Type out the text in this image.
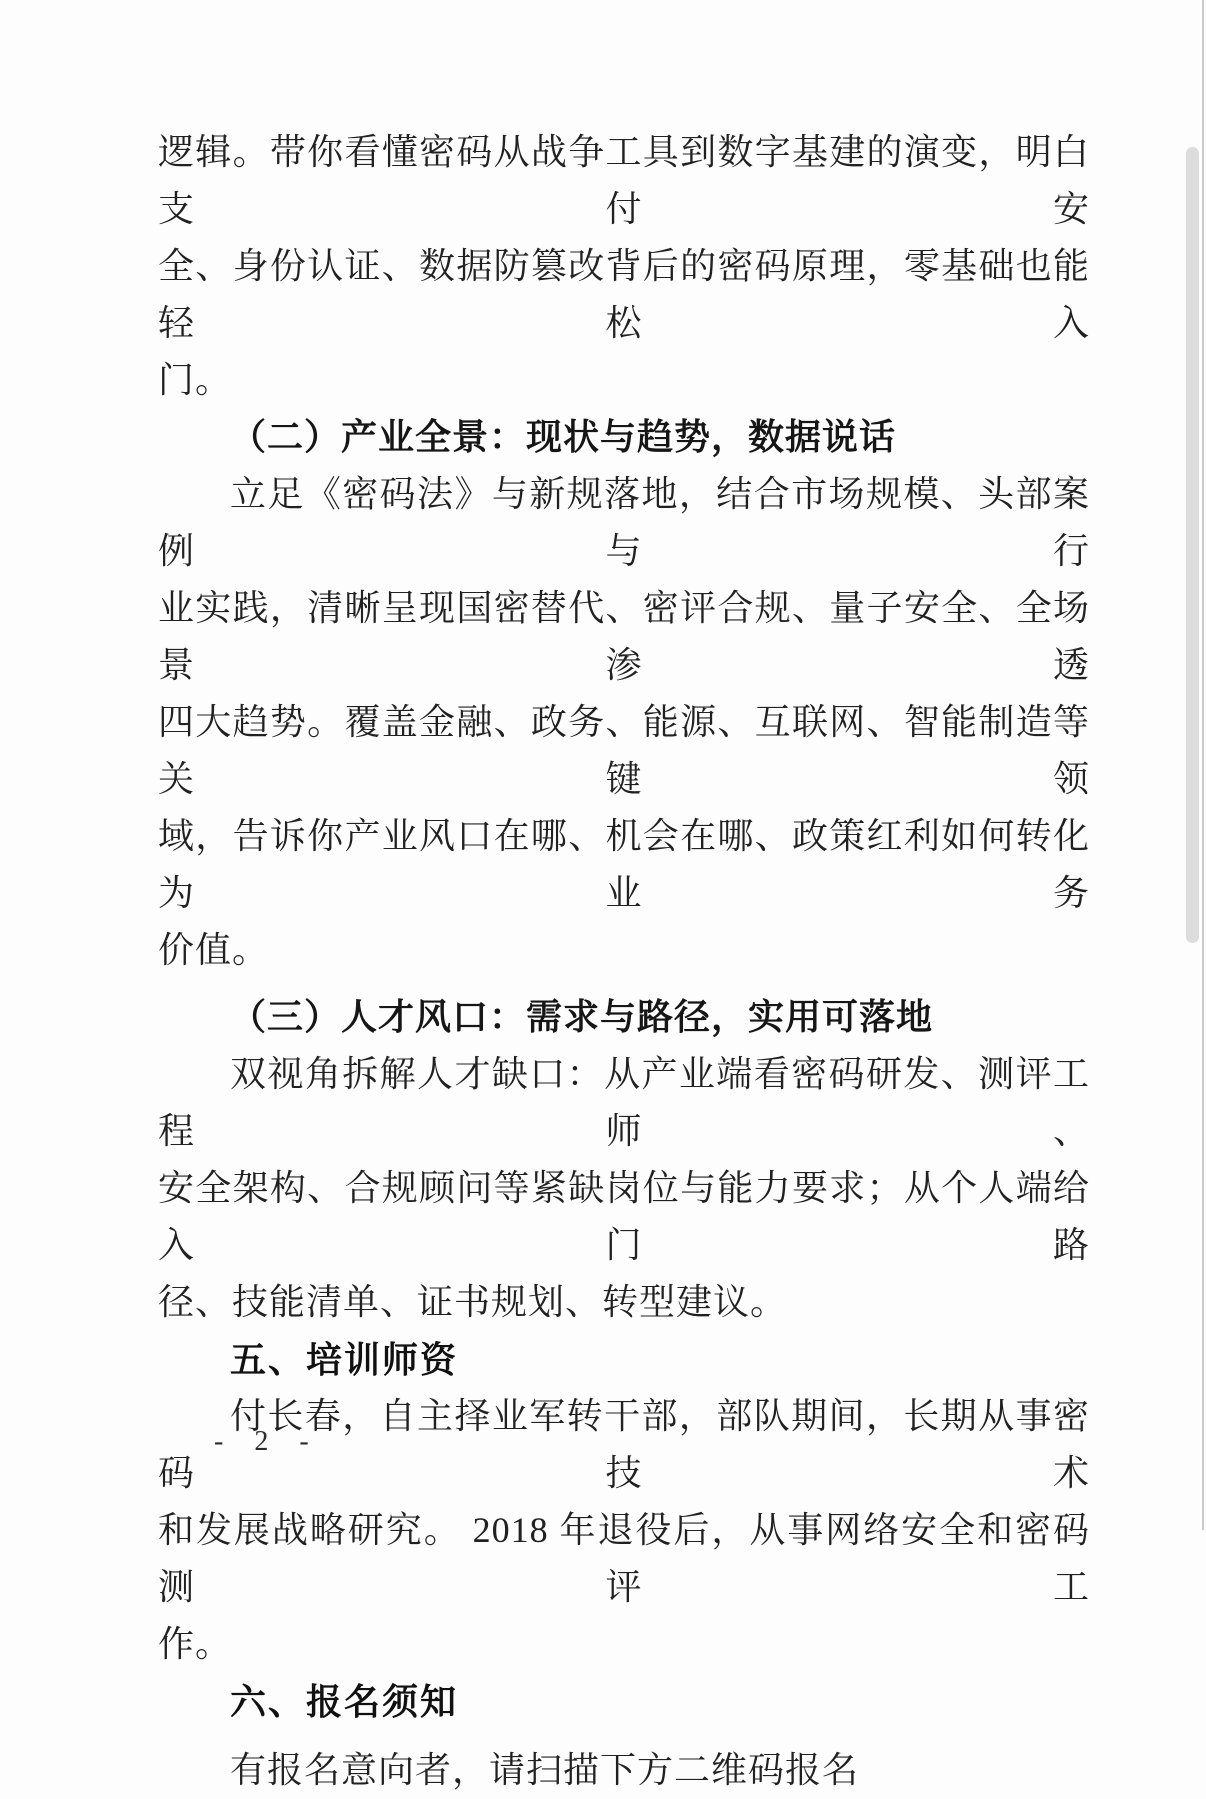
逻辑。带你看懂密码从战争工具到数字基建的演变，明白支付安
全、身份认证、数据防篡改背后的密码原理，零基础也能轻松入
门。
（二）产业全景：现状与趋势，数据说话
立足《密码法》与新规落地，结合市场规模、头部案例与行
业实践，清晰呈现国密替代、密评合规、量子安全、全场景渗透
四大趋势。覆盖金融、政务、能源、互联网、智能制造等关键领
域，告诉你产业风口在哪、机会在哪、政策红利如何转化为业务
价值。
（三）人才风口：需求与路径，实用可落地
双视角拆解人才缺口：从产业端看密码研发、测评工程师、
安全架构、合规顾问等紧缺岗位与能力要求；从个人端给入门路
径、技能清单、证书规划、转型建议。
五、培训师资
付长春，自主择业军转干部，部队期间，长期从事密码技术
和发展战略研究。 2018 年退役后，从事网络安全和密码测评工
作。
六、报名须知
有报名意向者，请扫描下方二维码报名
- 2 -
